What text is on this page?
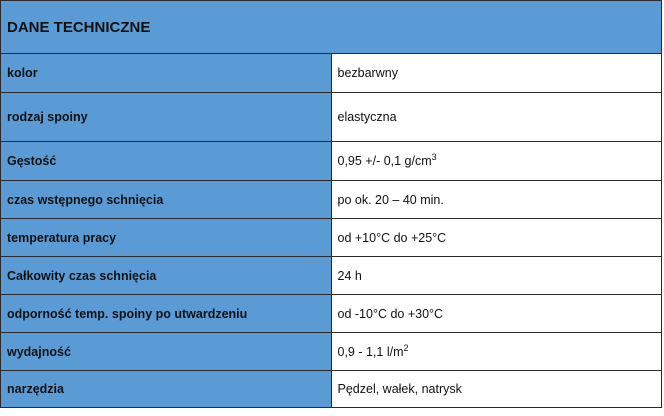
DANE TECHNICZNE	
kolor	bezbarwny
rodzaj spoiny	elastyczna
Gęstość	0,95 +/- 0,1 $g/cm^3$
czas wstępnego schnięcia	po ok. 20 – 40 min.
temperatura pracy	od +10°C do +25°C
Całkowity czas schnięcia	24 h
odporność temp. spoiny po utwardzeniu	od -10°C do +30°C
wydajność	0,9 - 1,1 $l/m^2$
narzędzia	Pędzel, wałek, natrysk
